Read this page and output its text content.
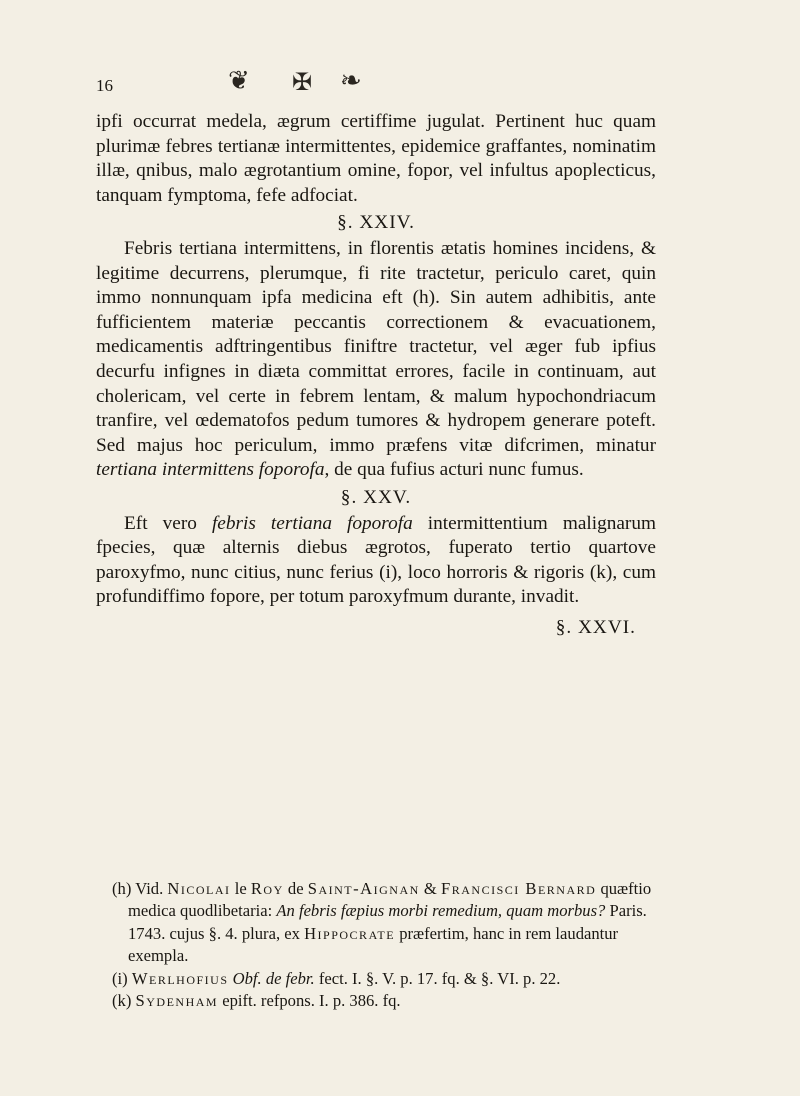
16	❦ ✠ ❧

ipfi occurrat medela, ægrum certiffime jugulat. Pertinent huc quam plurimæ febres tertianæ intermittentes, epidemice graffantes, nominatim illæ, qnibus, malo ægrotantium omine, fopor, vel infultus apoplecticus, tanquam fymptoma, fefe adfociat.

§. XXIV.

Febris tertiana intermittens, in florentis ætatis homines incidens, & legitime decurrens, plerumque, fi rite tractetur, periculo caret, quin immo nonnunquam ipfa medicina eft (h). Sin autem adhibitis, ante fufficientem materiæ peccantis correctionem & evacuationem, medicamentis adftringentibus finiftre tractetur, vel æger fub ipfius decurfu infignes in diæta committat errores, facile in continuam, aut cholericam, vel certe in febrem lentam, & malum hypochondriacum tranfire, vel œdematofos pedum tumores & hydropem generare poteft. Sed majus hoc periculum, immo præfens vitæ difcrimen, minatur tertiana intermittens foporofa, de qua fufius acturi nunc fumus.

§. XXV.

Eft vero febris tertiana foporofa intermittentium malignarum fpecies, quæ alternis diebus ægrotos, fuperato tertio quartove paroxyfmo, nunc citius, nunc ferius (i), loco horroris & rigoris (k), cum profundiffimo fopore, per totum paroxyfmum durante, invadit.

§. XXVI.
(h) Vid. Nicolai le Roy de Saint-Aignan & Francisci Bernard quæftio medica quodlibetaria: An febris fæpius morbi remedium, quam morbus? Paris. 1743. cujus §. 4. plura, ex Hippocrate præfertim, hanc in rem laudantur exempla.
(i) Werlhofius Obf. de febr. fect. I. §. V. p. 17. fq. & §. VI. p. 22.
(k) Sydenham epift. refpons. I. p. 386. fq.
